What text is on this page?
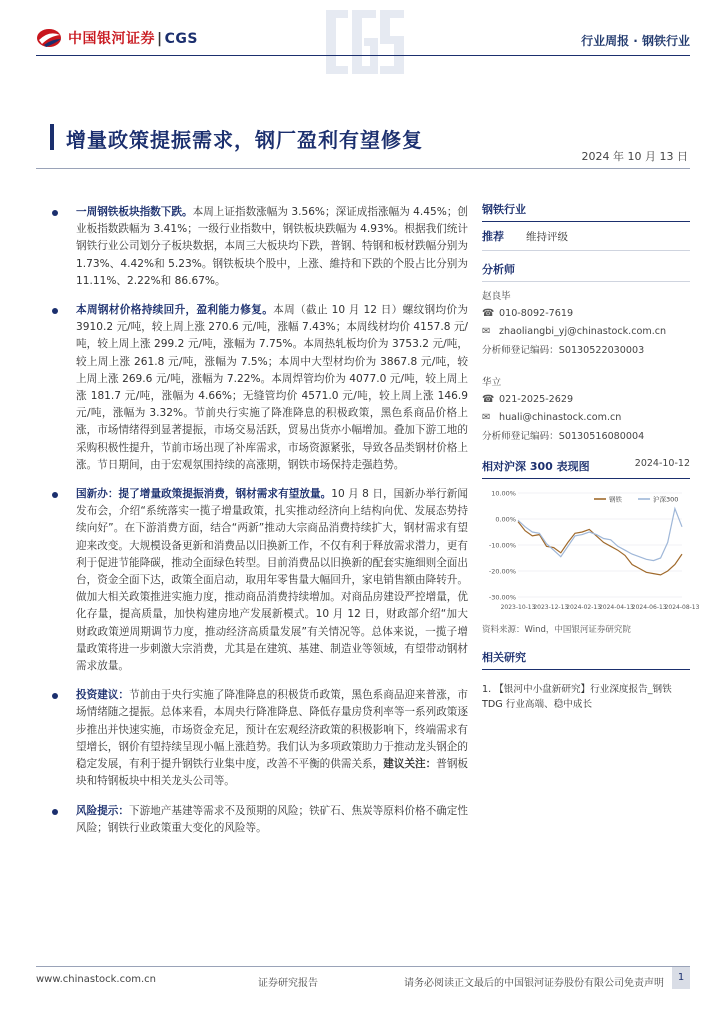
中国银河证券 | CGS	行业周报 · 钢铁行业
增量政策提振需求，钢厂盈利有望修复
2024 年 10 月 13 日
一周钢铁板块指数下跌。本周上证指数涨幅为 3.56%；深证成指涨幅为 4.45%；创业板指数跌幅为 3.41%；一级行业指数中，钢铁板块跌幅为 4.93%。根据我们统计钢铁行业公司划分子板块数据，本周三大板块均下跌，普钢、特钢和板材跌幅分别为 1.73%、4.42%和 5.23%。钢铁板块个股中，上涨、維持和下跌的个股占比分别为 11.11%、2.22%和 86.67%。
本周钢材价格持续回升，盈利能力修复。本周（截止 10 月 12 日）螺纹钢均价为 3910.2 元/吨，较上周上涨 270.6 元/吨，涨幅 7.43%；本周线材均价 4157.8 元/吨，较上周上涨 299.2 元/吨，涨幅为 7.75%。本周热轧板均价为 3753.2 元/吨，较上周上涨 261.8 元/吨，涨幅为 7.5%；本周中大型材均价为 3867.8 元/吨，较上周上涨 269.6 元/吨，涨幅为 7.22%。本周焊管均价为 4077.0 元/吨，较上周上涨 181.7 元/吨，涨幅为 4.66%；无缝管均价 4571.0 元/吨，较上周上涨 146.9 元/吨，涨幅为 3.32%。节前央行实施了降准降息的积极政策，黑色系商品价格上涨，市场情绪得到显著提振，市场交易活跃，贸易出货亦小幅增加。叠加下游工地的采购积极性提升，节前市场出现了补库需求，市场资源紧张，导致各品类钢材价格上涨。节日期间，由于宏观氛围持续的高涨期，钢铁市场保持走强趋势。
国新办：提了增量政策提振消费，钢材需求有望放量。10 月 8 日，国新办举行新闻发布会，介绍“系统落实一揽子增量政策，扎实推动经济向上结构向优、发展态势持续向好”。在下游消费方面，结合“两新”推动大宗商品消费持续扩大，钢材需求有望迎来改变。大规模设备更新和消费品以旧换新工作，不仅有利于释放需求潜力，更有利于促进节能降碳，推动全面绿色转型。目前消费品以旧换新的配套实施细则全面出台，资金全面下达，政策全面启动，取用年零售量大幅回升，家电销售额由降转升。做加大相关政策推进实施力度，推动商品消费持续增加。对商品房建设严控增量，优化存量，提高质量，加快构建房地产发展新模式。10 月 12 日，财政部介绍“加大财政政策逆周期调节力度，推动经济高质量发展”有关情况等。总体来说，一揽子增量政策将进一步刺激大宗消费，尤其是在建筑、基建、制造业等领域，有望带动钢材需求放量。
投资建议：节前由于央行实施了降准降息的积极货币政策，黑色系商品迎来普涨，市场情绪随之提振。总体来看，本周央行降准降息、降低存量房贷利率等一系列政策逐步推出并快速实施，市场资金充足，预计在宏观经济政策的积极影响下，终端需求有望增长，钢价有望持续呈现小幅上涨趋势。我们认为多项政策助力于推动龙头钢企的稳定发展，有利于提升钢铁行业集中度，改善不平衡的供需关系，建议关注：普钢板块和特钢板块中相关龙头公司等。
风险提示：下游地产基建等需求不及预期的风险；铁矿石、焦炭等原料价格不确定性风险；钢铁行业政策重大变化的风险等。
钢铁行业
推荐	维持评级
分析师
赵良毕
☎ 010-8092-7619
✉ zhaoliangbi_yj@chinastock.com.cn
分析师登记编码：S0130522030003
华立
☎ 021-2025-2629
✉ huali@chinastock.com.cn
分析师登记编码：S0130516080004
相对沪深 300 表现图	2024-10-12
10.00%
0.00%
-10.00%
-20.00%
-30.00%
2023-10-13
2023-12-13
2024-02-13
2024-04-13
2024-06-13
2024-08-13
钢铁	沪深300
资料来源：Wind，中国银河证券研究院
相关研究
1. 【银河中小盘新研究】行业深度报告_钢铁 TDG 行业高端、稳中成长
www.chinastock.com.cn	证券研究报告	请务必阅读正文最后的中国银河证券股份有限公司免责声明
1
